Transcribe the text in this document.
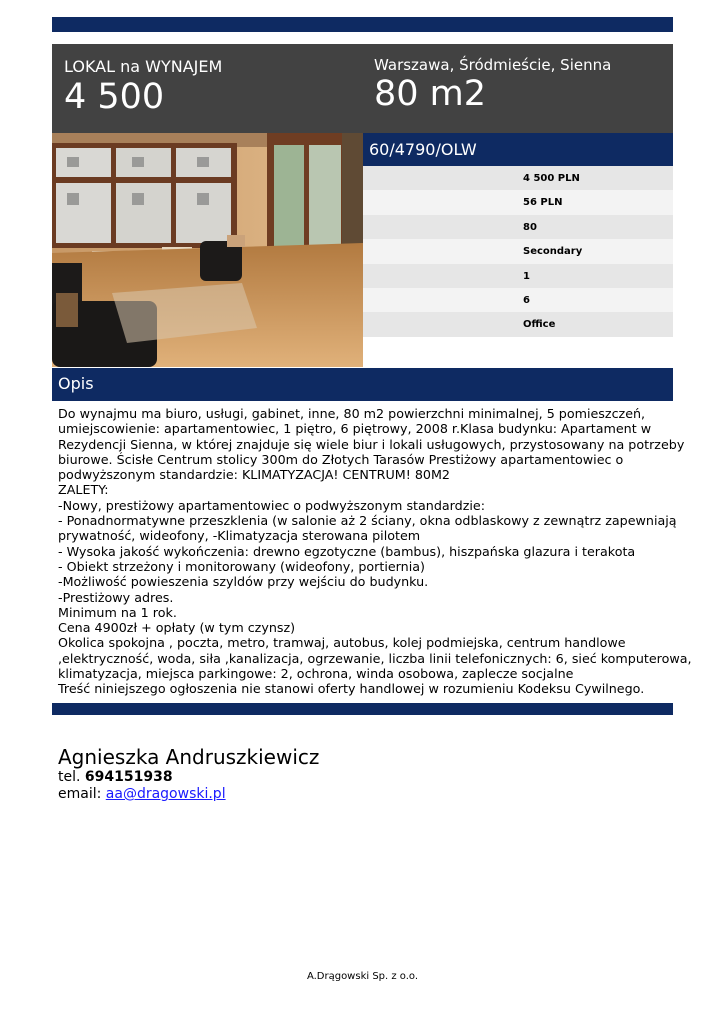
LOKAL na WYNAJEM
4 500
Warszawa, Śródmieście, Sienna
80 m2
60/4790/OLW
4 500 PLN
56 PLN
80
Secondary
1
6
Office
Opis
Do wynajmu ma biuro, usługi, gabinet, inne, 80 m2 powierzchni minimalnej, 5 pomieszczeń,
umiejscowienie: apartamentowiec, 1 piętro, 6 piętrowy, 2008 r.Klasa budynku: Apartament w
Rezydencji Sienna, w której znajduje się wiele biur i lokali usługowych, przystosowany na potrzeby
biurowe. Ścisłe Centrum stolicy 300m do Złotych Tarasów Prestiżowy apartamentowiec o
podwyższonym standardzie: KLIMATYZACJA! CENTRUM! 80M2
ZALETY:
-Nowy, prestiżowy apartamentowiec o podwyższonym standardzie:
- Ponadnormatywne przeszklenia (w salonie aż 2 ściany, okna odblaskowy z zewnątrz zapewniają
prywatność, wideofony, -Klimatyzacja sterowana pilotem
- Wysoka jakość wykończenia: drewno egzotyczne (bambus), hiszpańska glazura i terakota
- Obiekt strzeżony i monitorowany (wideofony, portiernia)
-Możliwość powieszenia szyldów przy wejściu do budynku.
-Prestiżowy adres.
Minimum na 1 rok.
Cena 4900zł + opłaty (w tym czynsz)
Okolica spokojna , poczta, metro, tramwaj, autobus, kolej podmiejska, centrum handlowe
,elektryczność, woda, siła ,kanalizacja, ogrzewanie, liczba linii telefonicznych: 6, sieć komputerowa,
klimatyzacja, miejsca parkingowe: 2, ochrona, winda osobowa, zaplecze socjalne
Treść niniejszego ogłoszenia nie stanowi oferty handlowej w rozumieniu Kodeksu Cywilnego.
Agnieszka Andruszkiewicz
tel. 694151938
email: aa@dragowski.pl
A.Drągowski Sp. z o.o.
